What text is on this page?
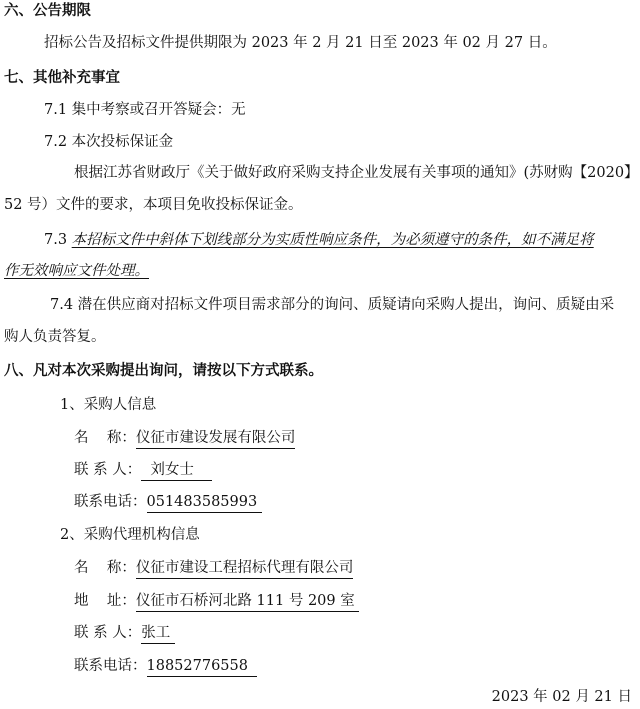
六、公告期限
招标公告及招标文件提供期限为 2023 年 2 月 21 日至 2023 年 02 月 27 日。
七、其他补充事宜
7.1 集中考察或召开答疑会：无
7.2 本次投标保证金
根据江苏省财政厅《关于做好政府采购支持企业发展有关事项的通知》(苏财购【2020】
52 号）文件的要求，本项目免收投标保证金。
7.3 本招标文件中斜体下划线部分为实质性响应条件，为必须遵守的条件，如不满足将
作无效响应文件处理。
7.4 潜在供应商对招标文件项目需求部分的询问、质疑请向采购人提出，询问、质疑由采
购人负责答复。
八、凡对本次采购提出询问，请按以下方式联系。
1、采购人信息
名    称：仪征市建设发展有限公司
联 系 人：  刘女士
联系电话：051483585993
2、采购代理机构信息
名    称：仪征市建设工程招标代理有限公司
地    址：仪征市石桥河北路 111 号 209 室
联 系 人：张工
联系电话：18852776558
2023 年 02 月 21 日
